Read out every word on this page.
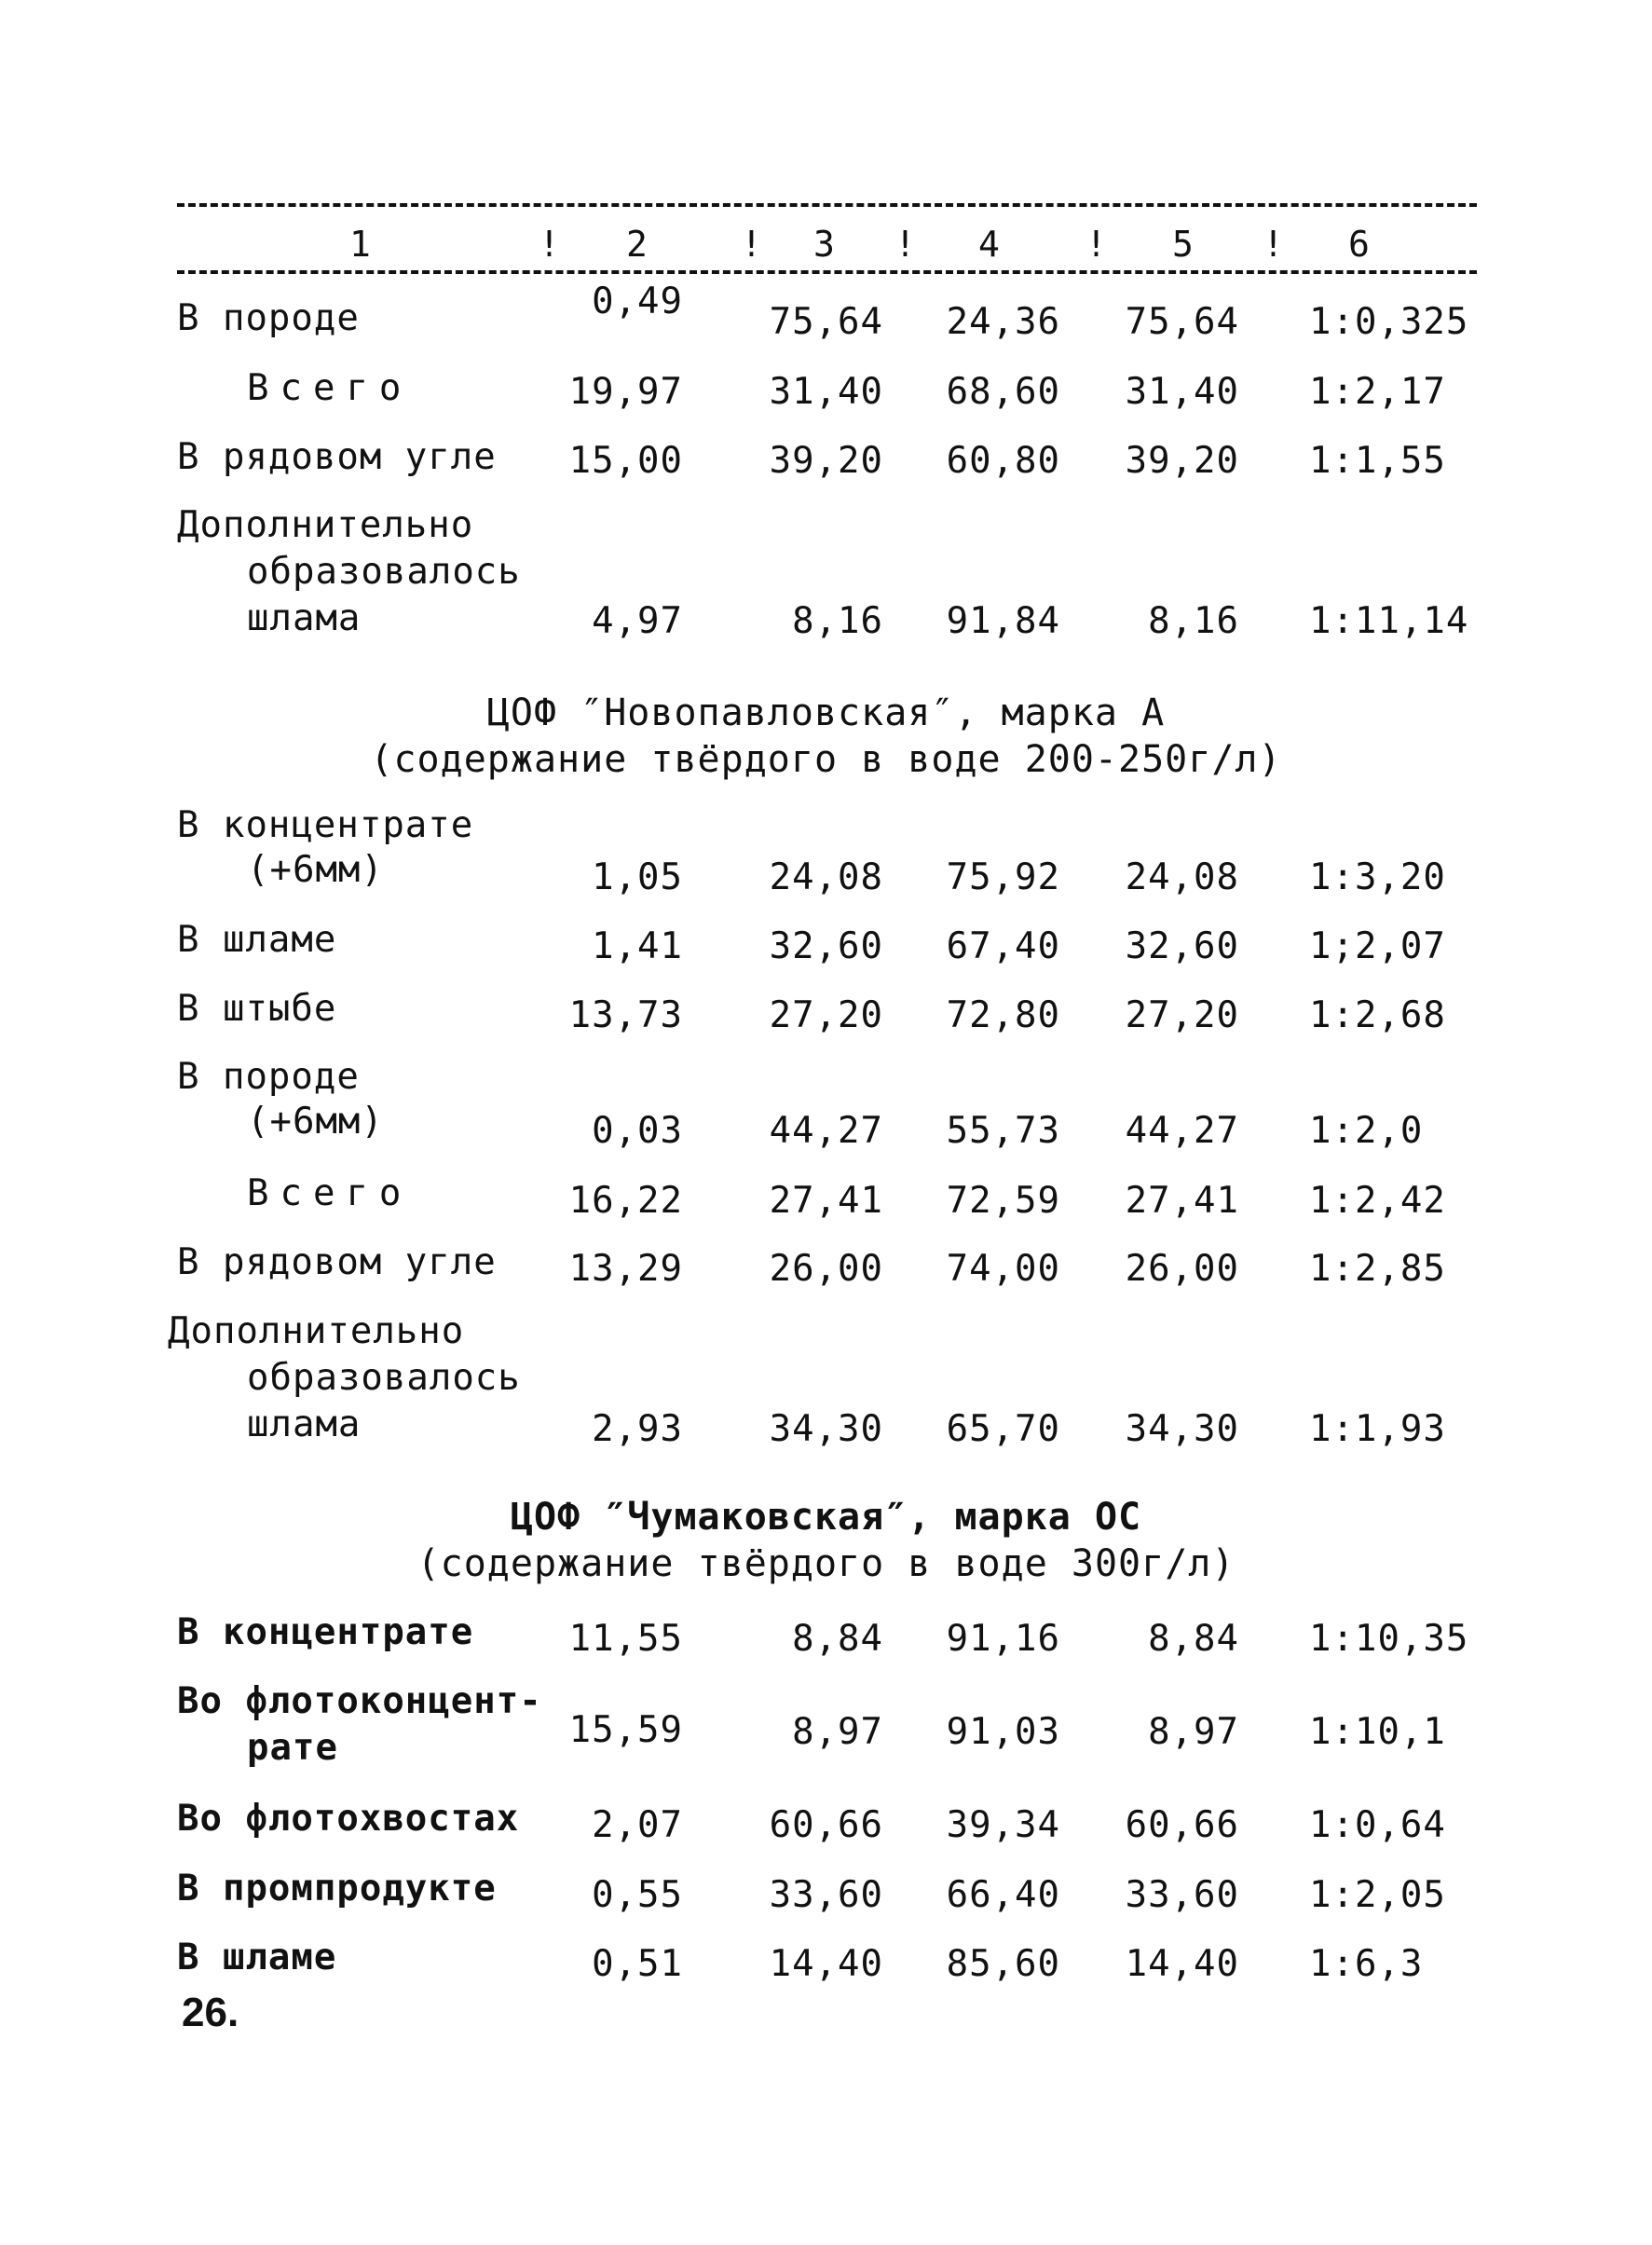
1	2	3	4	5	6
!	!	!	!	!
В породе	0,49 75,64 24,36 75,64 1:0,325
Всего	19,97 31,40 68,60 31,40 1:2,17
В рядовом угле 15,00 39,20 60,80 39,20 1:1,55
Дополнительно
образовалось
шлама	4,97	8,16 91,84 8,16 1:11,14
ЦОФ ″Новопавловская″, марка А
(содержание твёрдого в воде 200-250г/л)
В концентрате
(+6мм)	1,05 24,08 75,92 24,08 1:3,20
В шламе	1,41 32,60 67,40 32,60 1;2,07
В штыбе	13,73 27,20 72,80 27,20 1:2,68
В породе
(+6мм)	0,03 44,27 55,73 44,27 1:2,0
Всего	16,22 27,41 72,59 27,41 1:2,42
В рядовом угле 13,29 26,00 74,00 26,00 1:2,85
Дополнительно
образовалось
шлама	2,93 34,30 65,70 34,30 1:1,93
ЦОФ ″Чумаковская″, марка ОС
(содержание твёрдого в воде 300г/л)
В концентрате	11,55	8,84 91,16 8,84 1:10,35
Во флотоконцент-
рате	15,59	8,97 91,03 8,97 1:10,1
Во флотохвостах 2,07 60,66 39,34 60,66 1:0,64
В промпродукте	0,55 33,60 66,40 33,60 1:2,05
В шламе	0,51 14,40 85,60 14,40 1:6,3
26.
